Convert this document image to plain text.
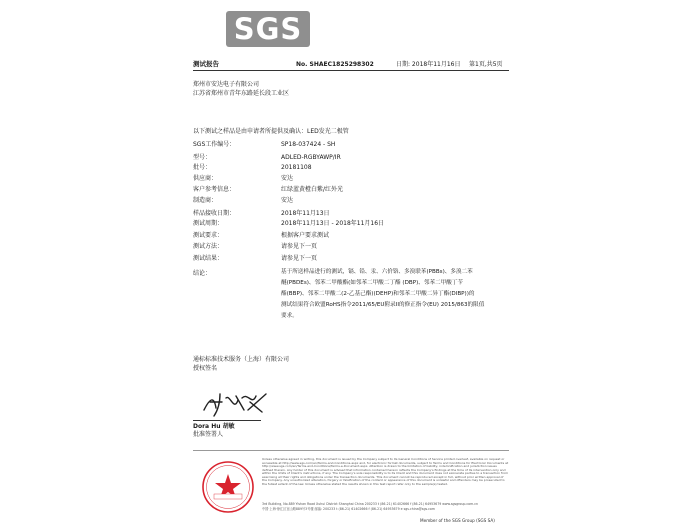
SGS
测试报告	No. SHAEC1825298302	日期: 2018年11月16日 第1页,共5页
郑州市安达电子有限公司
江苏省郑州市青年东路延长段工业区
以下测试之样品是由申请者所提供及确认：LED发光二极管
SGS工作编号：	SP18-037424 - SH
型号：	ADLED-RGBYAWP/IR
批号：	20181108
供应商：	安达
客户参考信息：	红绿蓝黄橙白紫/红外光
制造商：	安达
样品接收日期：	2018年11月13日
测试周期：	2018年11月13日 - 2018年11月16日
测试要求：	根据客户要求测试
测试方法：	请参见下一页
测试结果：	请参见下一页
结论：	基于所送样品进行的测试，镉、铅、汞、六价铬、多溴联苯(PBBs)、多溴二苯
醚(PBDEs)、邻苯二甲酸酯(如邻苯二甲酸二丁酯 (DBP)、邻苯二甲酸丁苄
酯(BBP)、邻苯二甲酸二(2-乙基己酯)(DEHP)和邻苯二甲酸二异丁酯(DIBP))的
测试结果符合欧盟RoHS指令2011/65/EU附录II的修正指令(EU) 2015/863的限值
要求。
通标标准技术服务（上海）有限公司
授权签名
Dora Hu 胡敏
批准签署人
Unless otherwise agreed in writing, this document is issued by the Company subject to its General Conditions of Service printed overleaf, available on request or accessible at http://www.sgs.com/en/Terms-and-Conditions.aspx and, for electronic format documents, subject to Terms and Conditions for Electronic Documents at http://www.sgs.com/en/Terms-and-Conditions/Terms-e-Document.aspx. Attention is drawn to the limitation of liability, indemnification and jurisdiction issues defined therein. Any holder of this document is advised that information contained hereon reflects the Company's findings at the time of its intervention only and within the limits of Client's instructions, if any. The Company's sole responsibility is to its Client and this document does not exonerate parties to a transaction from exercising all their rights and obligations under the transaction documents. This document cannot be reproduced except in full, without prior written approval of the Company. Any unauthorized alteration, forgery or falsification of the content or appearance of this document is unlawful and offenders may be prosecuted to the fullest extent of the law. Unless otherwise stated the results shown in this test report refer only to the sample(s) tested.
3rd Building, No.889 Yishan Road Xuhui District Shanghai China 200233 t (86-21) 61402666 f (86-21) 64953679 www.sgsgroup.com.cn
中国·上海·徐汇区宜山路889号3号楼 邮编: 200233 t (86-21) 61402666 f (86-21) 64953679 e sgs.china@sgs.com
Member of the SGS Group (SGS SA)
